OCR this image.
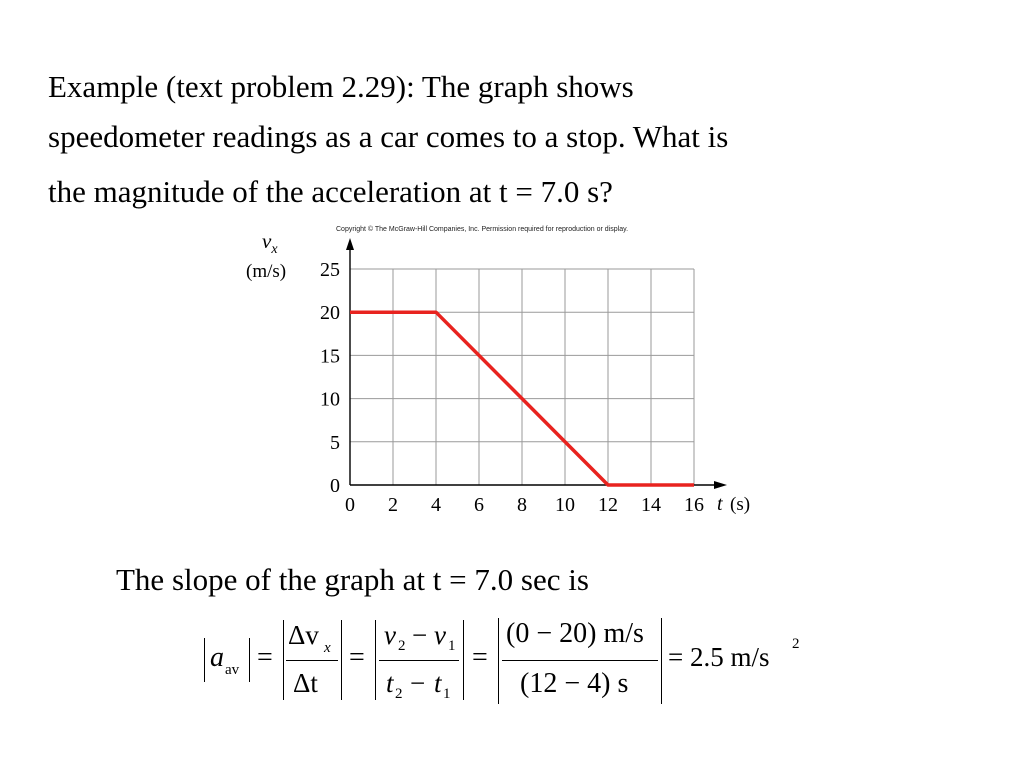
Example (text problem 2.29): The graph shows
speedometer readings as a car comes to a stop. What is
the magnitude of the acceleration at t = 7.0 s?
Copyright © The McGraw-Hill Companies, Inc. Permission required for reproduction or display.
0 2 4 6 8 10 12 14 16
0
5
10
15
20
25
$v_x$
(m/s)
t (s)
The slope of the graph at t = 7.0 sec is
a av =
Δv x
Δt
=
v 2 − v 1
t 2 − t 1
=
(0 − 20) m/s
(12 − 4) s
= 2.5 m/s 2
